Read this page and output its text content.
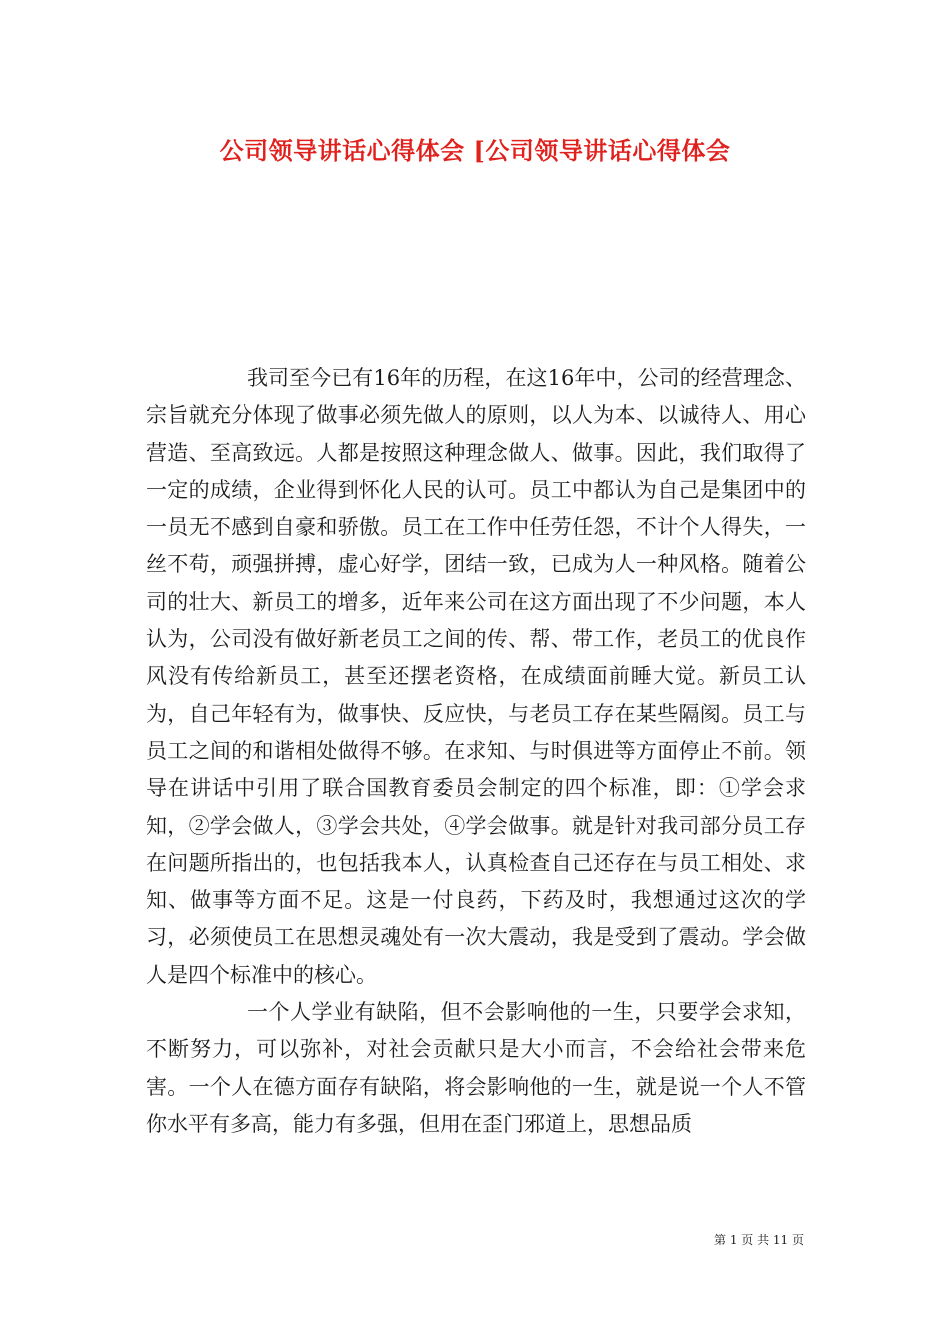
公司领导讲话心得体会 [公司领导讲话心得体会

我司至今已有16年的历程，在这16年中，公司的经营理念、宗旨就充分体现了做事必须先做人的原则，以人为本、以诚待人、用心营造、至高致远。人都是按照这种理念做人、做事。因此，我们取得了一定的成绩，企业得到怀化人民的认可。员工中都认为自己是集团中的一员无不感到自豪和骄傲。员工在工作中任劳任怨，不计个人得失，一丝不苟，顽强拼搏，虚心好学，团结一致，已成为人一种风格。随着公司的壮大、新员工的增多，近年来公司在这方面出现了不少问题，本人认为，公司没有做好新老员工之间的传、帮、带工作，老员工的优良作风没有传给新员工，甚至还摆老资格，在成绩面前睡大觉。新员工认为，自己年轻有为，做事快、反应快，与老员工存在某些隔阂。员工与员工之间的和谐相处做得不够。在求知、与时俱进等方面停止不前。领导在讲话中引用了联合国教育委员会制定的四个标准，即：①学会求知，②学会做人，③学会共处，④学会做事。就是针对我司部分员工存在问题所指出的，也包括我本人，认真检查自己还存在与员工相处、求知、做事等方面不足。这是一付良药，下药及时，我想通过这次的学习，必须使员工在思想灵魂处有一次大震动，我是受到了震动。学会做人是四个标准中的核心。

一个人学业有缺陷，但不会影响他的一生，只要学会求知，不断努力，可以弥补，对社会贡献只是大小而言，不会给社会带来危害。一个人在德方面存有缺陷，将会影响他的一生，就是说一个人不管你水平有多高，能力有多强，但用在歪门邪道上，思想品质

第 1 页 共 11 页
